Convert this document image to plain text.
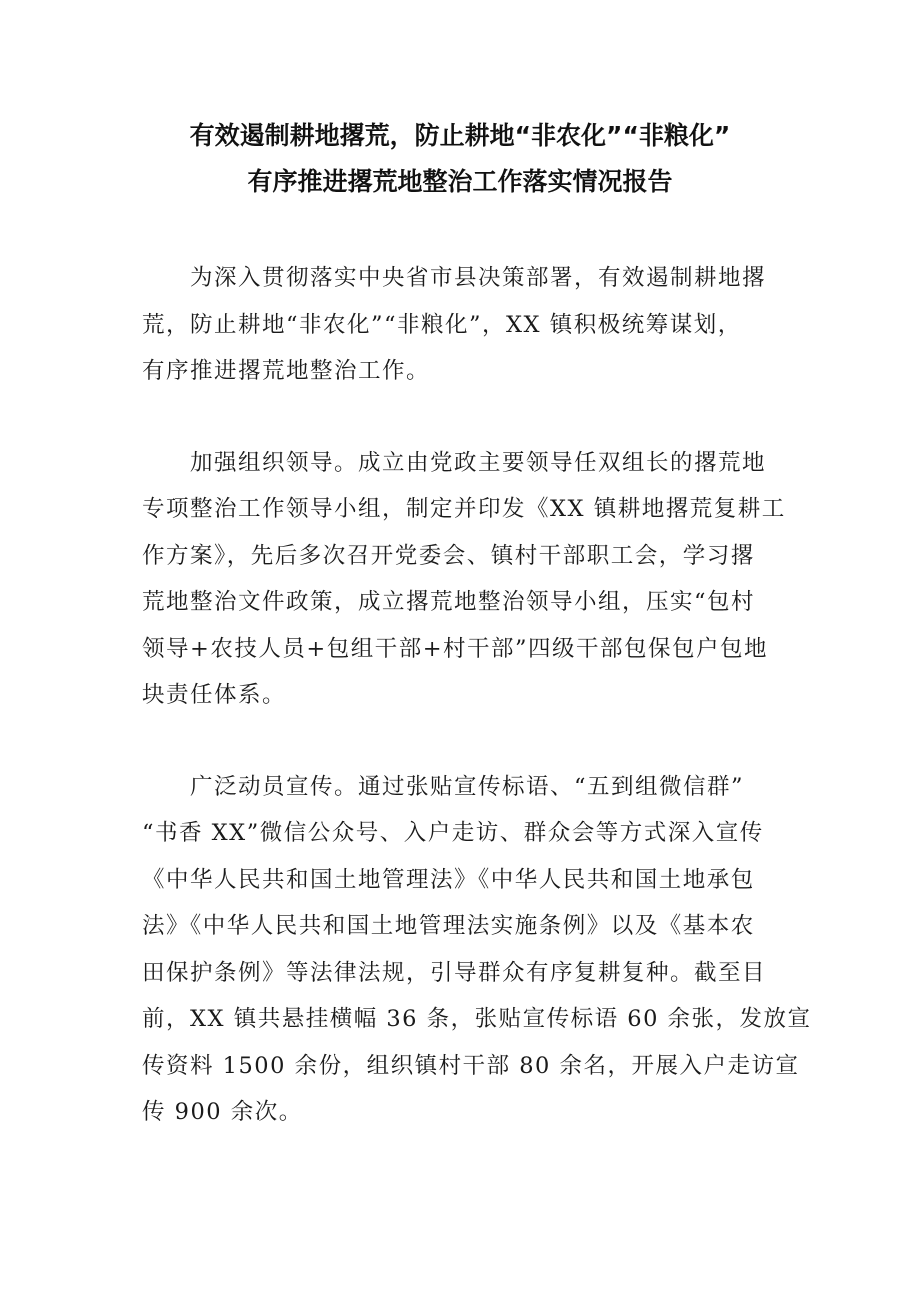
有效遏制耕地撂荒，防止耕地“非农化”“非粮化”
有序推进撂荒地整治工作落实情况报告

为深入贯彻落实中央省市县决策部署，有效遏制耕地撂
荒，防止耕地“非农化”“非粮化”，XX 镇积极统筹谋划，
有序推进撂荒地整治工作。

加强组织领导。成立由党政主要领导任双组长的撂荒地
专项整治工作领导小组，制定并印发《XX 镇耕地撂荒复耕工
作方案》，先后多次召开党委会、镇村干部职工会，学习撂
荒地整治文件政策，成立撂荒地整治领导小组，压实“包村
领导+农技人员+包组干部+村干部”四级干部包保包户包地
块责任体系。

广泛动员宣传。通过张贴宣传标语、“五到组微信群”
“书香 XX”微信公众号、入户走访、群众会等方式深入宣传
《中华人民共和国土地管理法》《中华人民共和国土地承包
法》《中华人民共和国土地管理法实施条例》以及《基本农
田保护条例》等法律法规，引导群众有序复耕复种。截至目
前，XX 镇共悬挂横幅 36 条，张贴宣传标语 60 余张，发放宣
传资料 1500 余份，组织镇村干部 80 余名，开展入户走访宣
传 900 余次。
